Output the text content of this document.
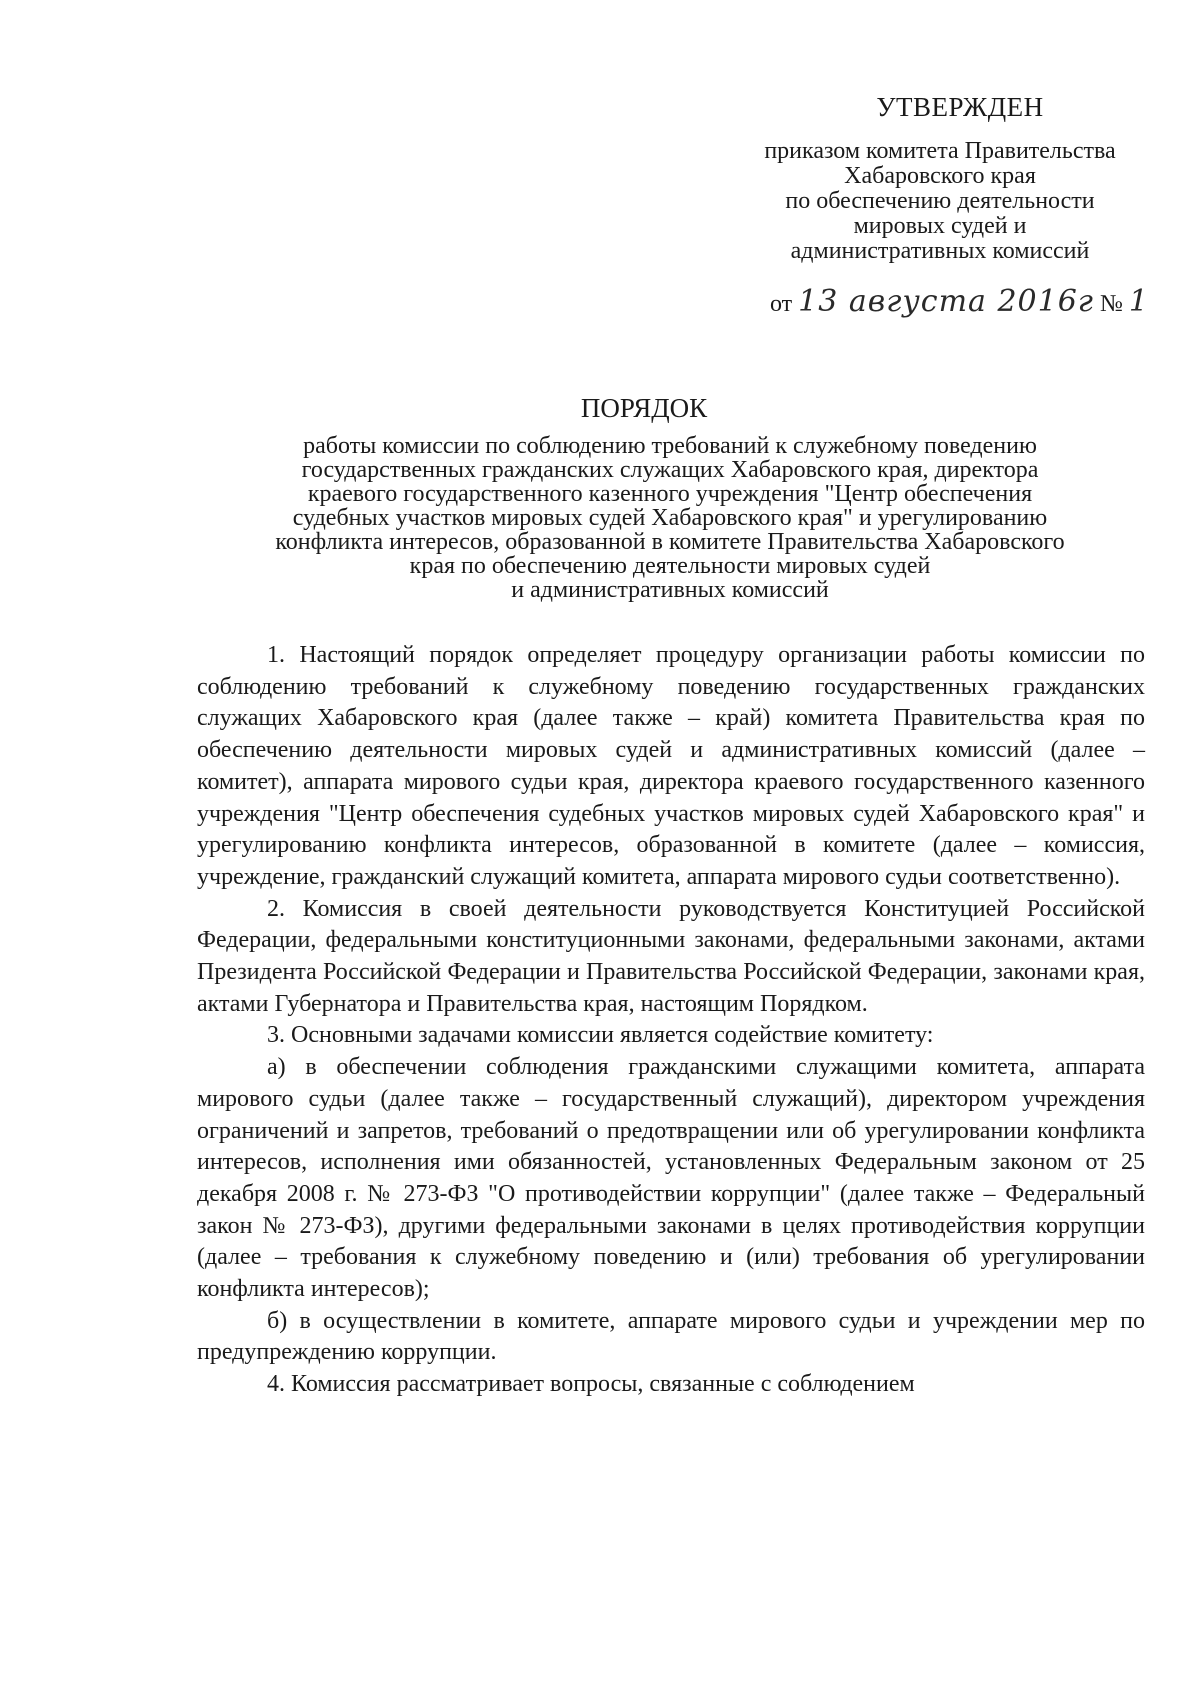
УТВЕРЖДЕН
приказом комитета Правительства
Хабаровского края
по обеспечению деятельности
мировых судей и
административных комиссий
от 13 августа 2016г № 1
ПОРЯДОК
работы комиссии по соблюдению требований к служебному поведению
государственных гражданских служащих Хабаровского края, директора
краевого государственного казенного учреждения "Центр обеспечения
судебных участков мировых судей Хабаровского края" и урегулированию
конфликта интересов, образованной в комитете Правительства Хабаровского
края по обеспечению деятельности мировых судей
и административных комиссий

1. Настоящий порядок определяет процедуру организации работы комиссии по соблюдению требований к служебному поведению государственных гражданских служащих Хабаровского края (далее также – край) комитета Правительства края по обеспечению деятельности мировых судей и административных комиссий (далее – комитет), аппарата мирового судьи края, директора краевого государственного казенного учреждения "Центр обеспечения судебных участков мировых судей Хабаровского края" и урегулированию конфликта интересов, образованной в комитете (далее – комиссия, учреждение, гражданский служащий комитета, аппарата мирового судьи соответственно).

2. Комиссия в своей деятельности руководствуется Конституцией Российской Федерации, федеральными конституционными законами, федеральными законами, актами Президента Российской Федерации и Правительства Российской Федерации, законами края, актами Губернатора и Правительства края, настоящим Порядком.

3. Основными задачами комиссии является содействие комитету:

а) в обеспечении соблюдения гражданскими служащими комитета, аппарата мирового судьи (далее также – государственный служащий), директором учреждения ограничений и запретов, требований о предотвращении или об урегулировании конфликта интересов, исполнения ими обязанностей, установленных Федеральным законом от 25 декабря 2008 г. № 273-ФЗ "О противодействии коррупции" (далее также – Федеральный закон № 273-ФЗ), другими федеральными законами в целях противодействия коррупции (далее – требования к служебному поведению и (или) требования об урегулировании конфликта интересов);

б) в осуществлении в комитете, аппарате мирового судьи и учреждении мер по предупреждению коррупции.

4. Комиссия рассматривает вопросы, связанные с соблюдением
